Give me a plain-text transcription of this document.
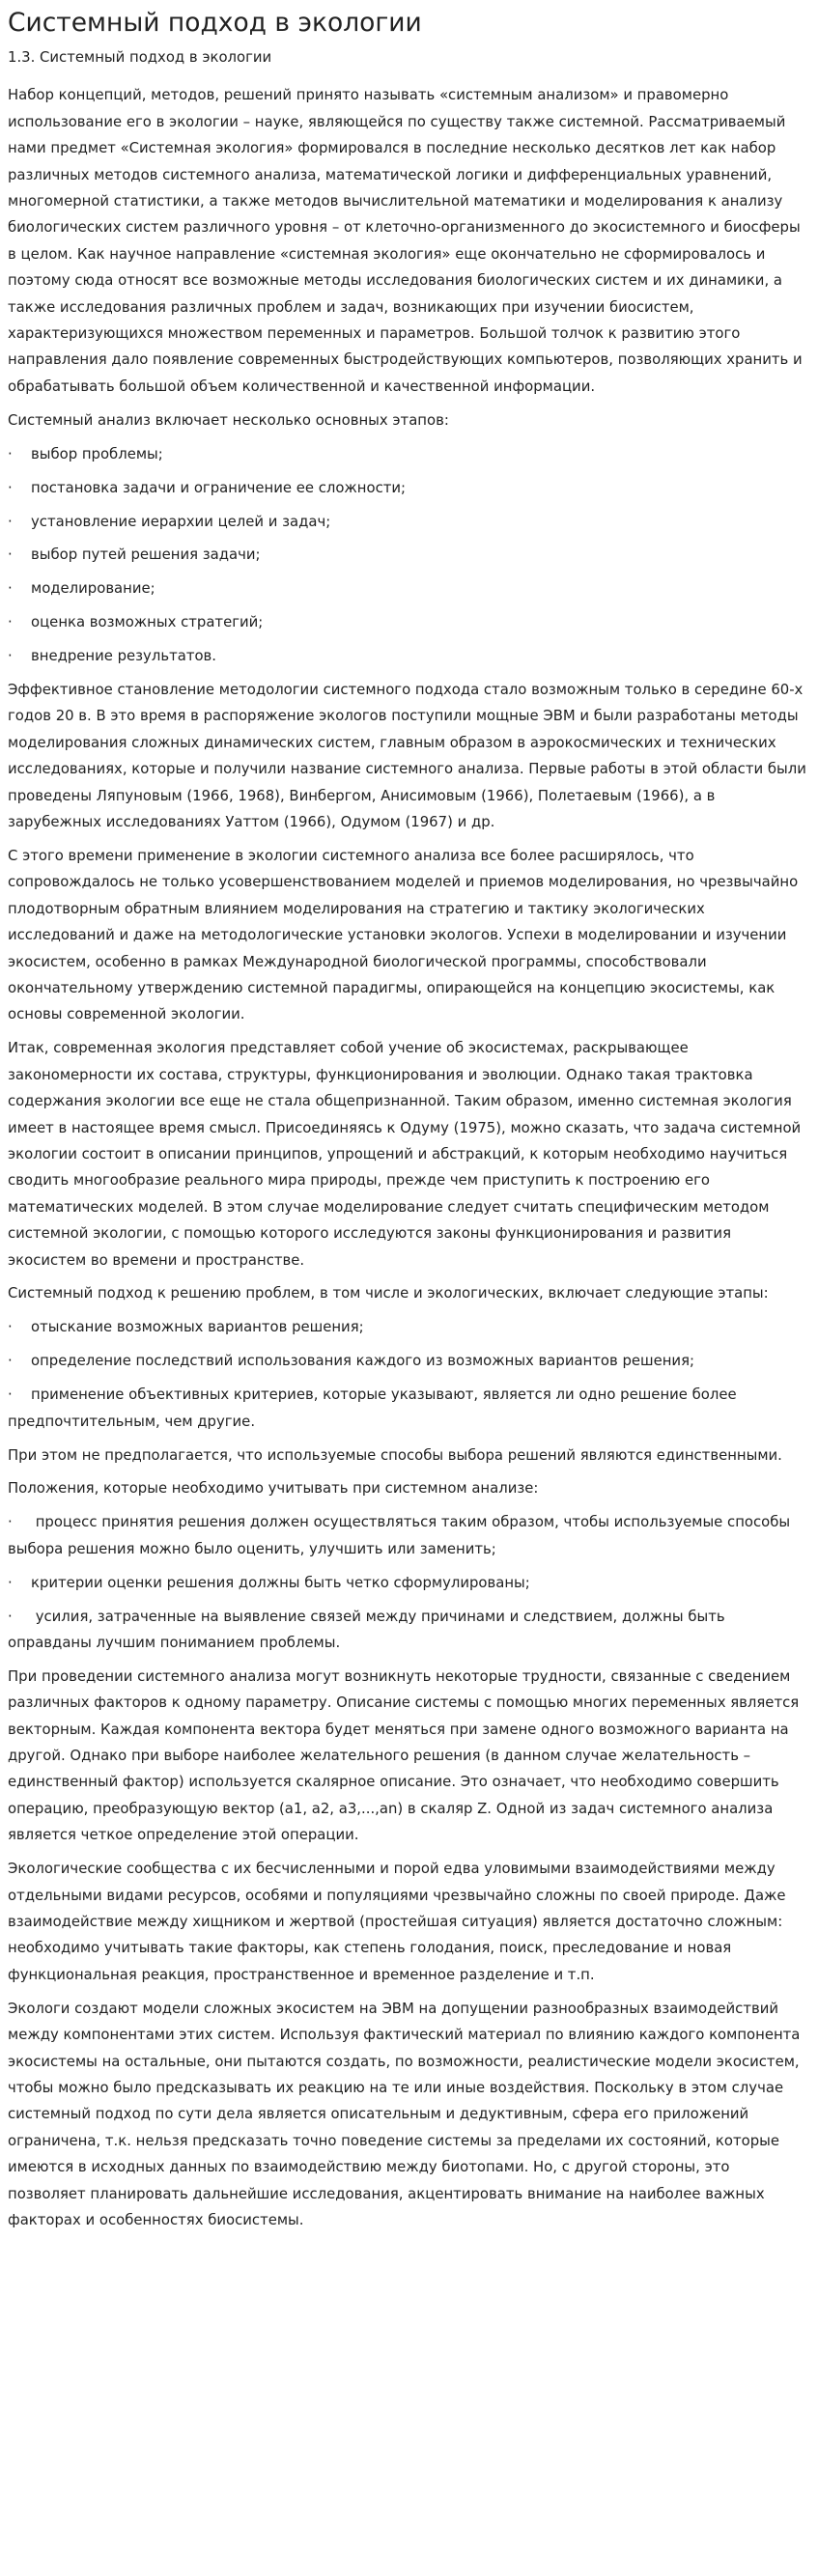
Системный подход в экологии

1.3. Системный подход в экологии

Набор концепций, методов, решений принято называть «системным анализом» и правомерно использование его в экологии – науке, являющейся по существу также системной. Рассматриваемый нами предмет «Системная экология» формировался в последние несколько десятков лет как набор различных методов системного анализа, математической логики и дифференциальных уравнений, многомерной статистики, а также методов вычислительной математики и моделирования к анализу биологических систем различного уровня – от клеточно-организменного до экосистемного и биосферы в целом. Как научное направление «системная экология» еще окончательно не сформировалось и поэтому сюда относят все возможные методы исследования биологических систем и их динамики, а также исследования различных проблем и задач, возникающих при изучении биосистем, характеризующихся множеством переменных и параметров. Большой толчок к развитию этого направления дало появление современных быстродействующих компьютеров, позволяющих хранить и обрабатывать большой объем количественной и качественной информации.

Системный анализ включает несколько основных этапов:

·	выбор проблемы;

·	постановка задачи и ограничение ее сложности;

·	установление иерархии целей и задач;

·	выбор путей решения задачи;

·	моделирование;

·	оценка возможных стратегий;

·	внедрение результатов.

Эффективное становление методологии системного подхода стало возможным только в середине 60-х годов 20 в. В это время в распоряжение экологов поступили мощные ЭВМ и были разработаны методы моделирования сложных динамических систем, главным образом в аэрокосмических и технических исследованиях, которые и получили название системного анализа. Первые работы в этой области были проведены Ляпуновым (1966, 1968), Винбергом, Анисимовым (1966), Полетаевым (1966), а в зарубежных исследованиях Уаттом (1966), Одумом (1967) и др.

С этого времени применение в экологии системного анализа все более расширялось, что сопровождалось не только усовершенствованием моделей и приемов моделирования, но чрезвычайно плодотворным обратным влиянием моделирования на стратегию и тактику экологических исследований и даже на методологические установки экологов. Успехи в моделировании и изучении экосистем, особенно в рамках Международной биологической программы, способствовали окончательному утверждению системной парадигмы, опирающейся на концепцию экосистемы, как основы современной экологии.

Итак, современная экология представляет собой учение об экосистемах, раскрывающее закономерности их состава, структуры, функционирования и эволюции. Однако такая трактовка содержания экологии все еще не стала общепризнанной. Таким образом, именно системная экология имеет в настоящее время смысл. Присоединяясь к Одуму (1975), можно сказать, что задача системной экологии состоит в описании принципов, упрощений и абстракций, к которым необходимо научиться сводить многообразие реального мира природы, прежде чем приступить к построению его математических моделей. В этом случае моделирование следует считать специфическим методом системной экологии, с помощью которого исследуются законы функционирования и развития экосистем во времени и пространстве.

Системный подход к решению проблем, в том числе и экологических, включает следующие этапы:

·	отыскание возможных вариантов решения;

·	определение последствий использования каждого из возможных вариантов решения;

· применение объективных критериев, которые указывают, является ли одно решение более предпочтительным, чем другие.

При этом не предполагается, что используемые способы выбора решений являются единственными.

Положения, которые необходимо учитывать при системном анализе:

· процесс принятия решения должен осуществляться таким образом, чтобы используемые способы выбора решения можно было оценить, улучшить или заменить;

·	критерии оценки решения должны быть четко сформулированы;

· усилия, затраченные на выявление связей между причинами и следствием, должны быть оправданы лучшим пониманием проблемы.

При проведении системного анализа могут возникнуть некоторые трудности, связанные с сведением различных факторов к одному параметру. Описание системы с помощью многих переменных является векторным. Каждая компонента вектора будет меняться при замене одного возможного варианта на другой. Однако при выборе наиболее желательного решения (в данном случае желательность – единственный фактор) используется скалярное описание. Это означает, что необходимо совершить операцию, преобразующую вектор (а1, а2, а3,...,аn) в скаляр Z. Одной из задач системного анализа является четкое определение этой операции.

Экологические сообщества с их бесчисленными и порой едва уловимыми взаимодействиями между отдельными видами ресурсов, особями и популяциями чрезвычайно сложны по своей природе. Даже взаимодействие между хищником и жертвой (простейшая ситуация) является достаточно сложным: необходимо учитывать такие факторы, как степень голодания, поиск, преследование и новая функциональная реакция, пространственное и временное разделение и т.п.

Экологи создают модели сложных экосистем на ЭВМ на допущении разнообразных взаимодействий между компонентами этих систем. Используя фактический материал по влиянию каждого компонента экосистемы на остальные, они пытаются создать, по возможности, реалистические модели экосистем, чтобы можно было предсказывать их реакцию на те или иные воздействия. Поскольку в этом случае системный подход по сути дела является описательным и дедуктивным, сфера его приложений ограничена, т.к. нельзя предсказать точно поведение системы за пределами их состояний, которые имеются в исходных данных по взаимодействию между биотопами. Но, с другой стороны, это позволяет планировать дальнейшие исследования, акцентировать внимание на наиболее важных факторах и особенностях биосистемы.
